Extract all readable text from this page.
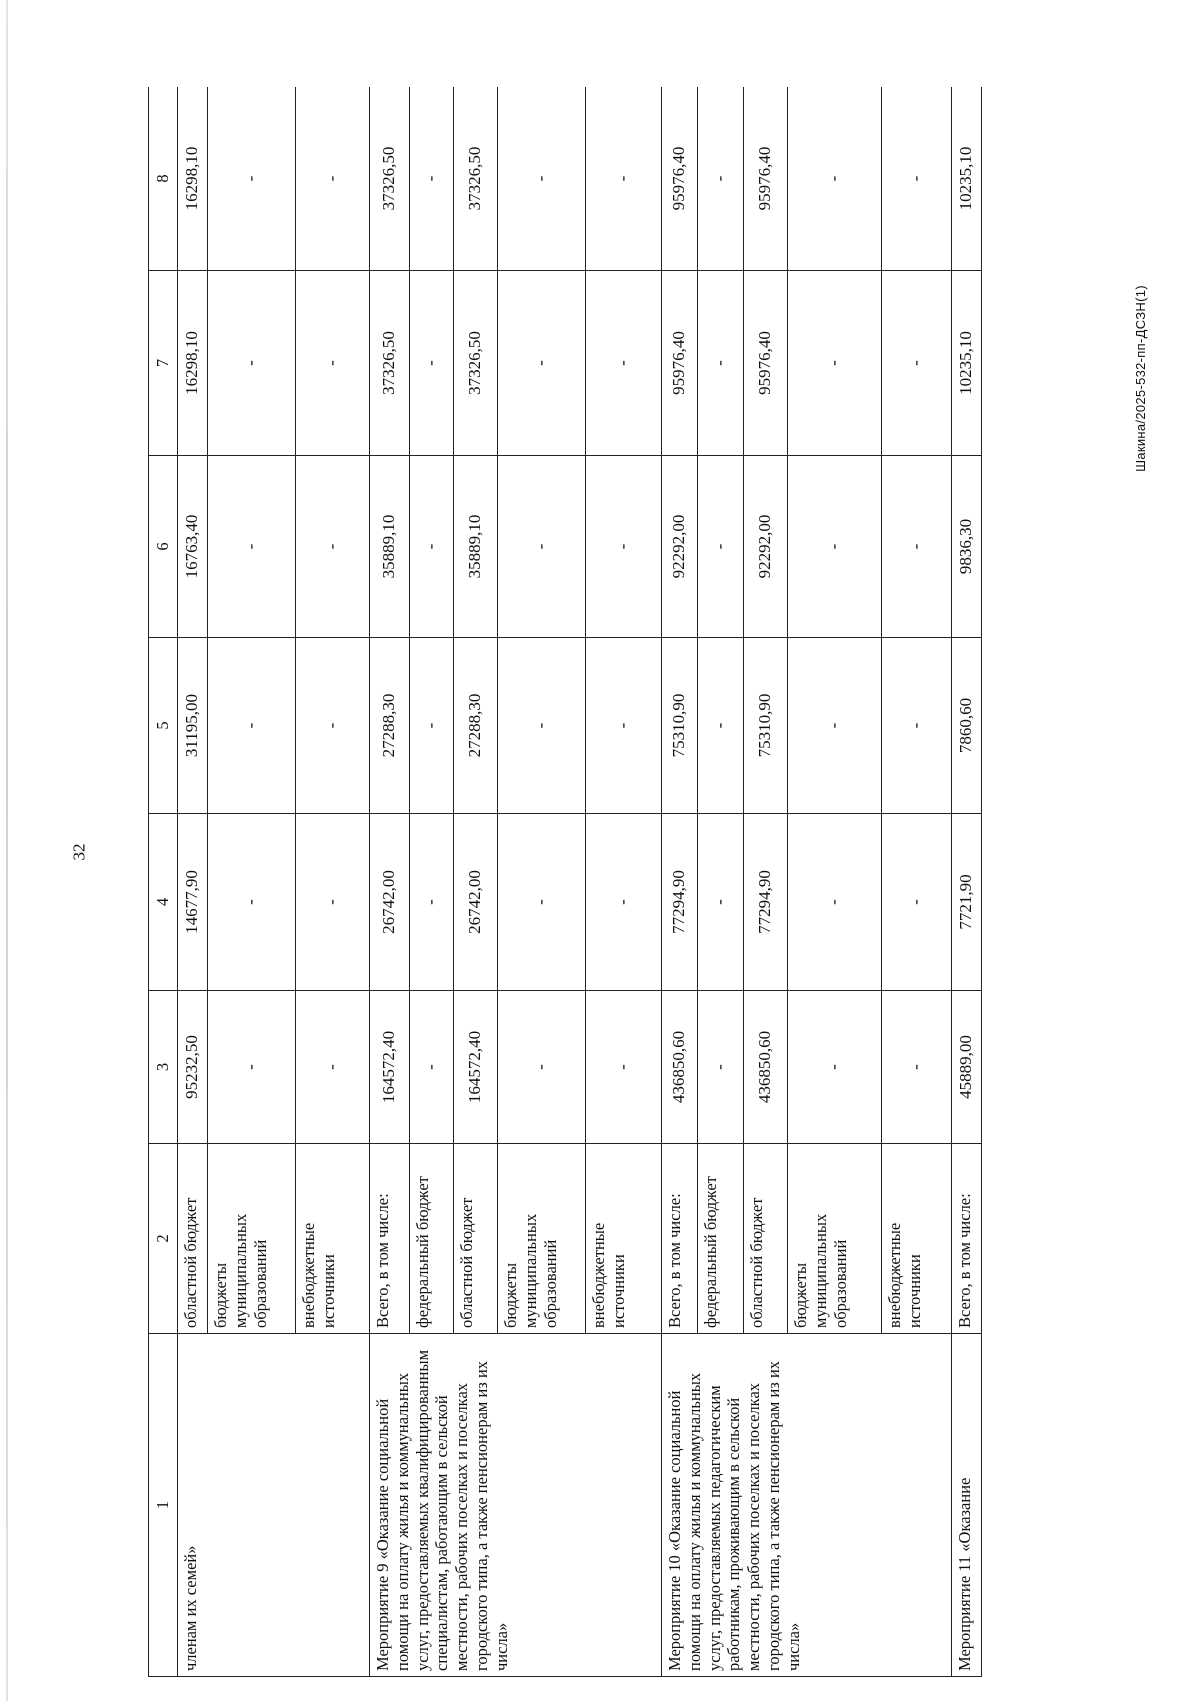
32
Шакина/2025-532-пп-ДСЗН(1)
1	2	3	4	5	6	7	8
членам их семей»	областной бюджет	95232,50	14677,90	31195,00	16763,40	16298,10	16298,10
	бюджеты муниципальных образований	-	-	-	-	-	-
	внебюджетные источники	-	-	-	-	-	-
Мероприятие 9 «Оказание социальной помощи на оплату жилья и коммунальных услуг, предоставляемых квалифицированным специалистам, работающим в сельской местности, рабочих поселках и поселках городского типа, а также пенсионерам из их числа»	Всего, в том числе:	164572,40	26742,00	27288,30	35889,10	37326,50	37326,50
	федеральный бюджет	-	-	-	-	-	-
	областной бюджет	164572,40	26742,00	27288,30	35889,10	37326,50	37326,50
	бюджеты муниципальных образований	-	-	-	-	-	-
	внебюджетные источники	-	-	-	-	-	-
Мероприятие 10 «Оказание социальной помощи на оплату жилья и коммунальных услуг, предоставляемых педагогическим работникам, проживающим в сельской местности, рабочих поселках и поселках городского типа, а также пенсионерам из их числа»	Всего, в том числе:	436850,60	77294,90	75310,90	92292,00	95976,40	95976,40
	федеральный бюджет	-	-	-	-	-	-
	областной бюджет	436850,60	77294,90	75310,90	92292,00	95976,40	95976,40
	бюджеты муниципальных образований	-	-	-	-	-	-
	внебюджетные источники	-	-	-	-	-	-
Мероприятие 11 «Оказание	Всего, в том числе:	45889,00	7721,90	7860,60	9836,30	10235,10	10235,10
